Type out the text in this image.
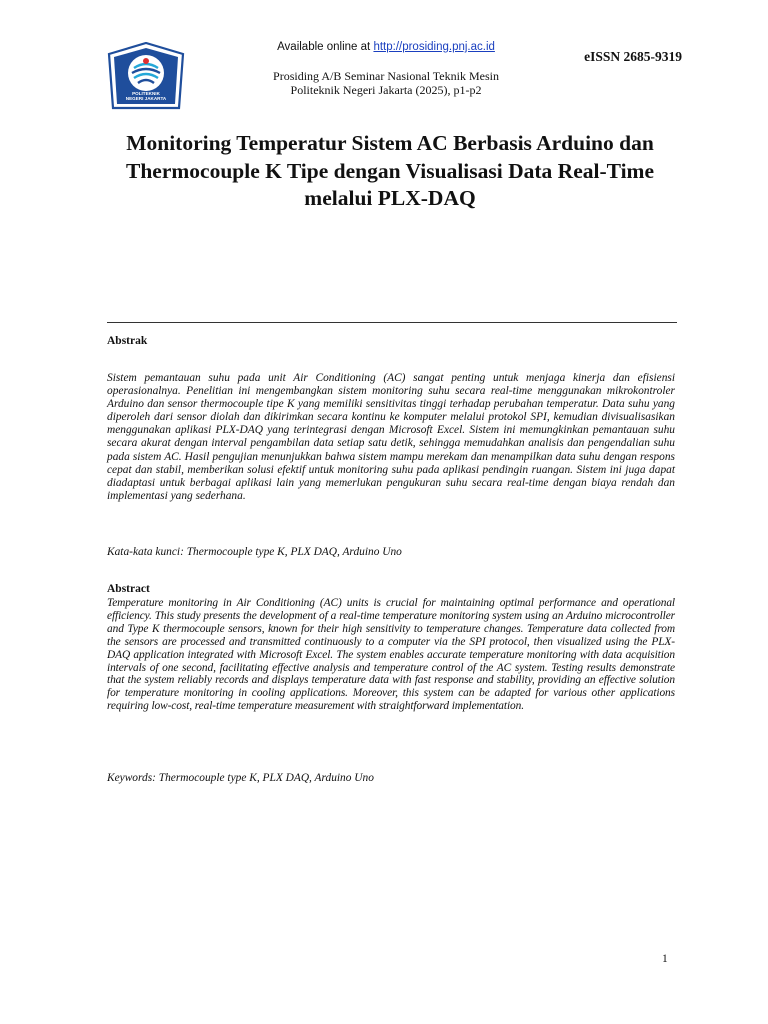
POLITEKNIK
NEGERI JAKARTA
Available online at http://prosiding.pnj.ac.id
eISSN 2685-9319
Prosiding A/B Seminar Nasional Teknik Mesin
Politeknik Negeri Jakarta (2025), p1-p2
Monitoring Temperatur Sistem AC Berbasis Arduino dan Thermocouple K Tipe dengan Visualisasi Data Real-Time melalui PLX-DAQ
Abstrak
Sistem pemantauan suhu pada unit Air Conditioning (AC) sangat penting untuk menjaga kinerja dan efisiensi operasionalnya. Penelitian ini mengembangkan sistem monitoring suhu secara real-time menggunakan mikrokontroler Arduino dan sensor thermocouple tipe K yang memiliki sensitivitas tinggi terhadap perubahan temperatur. Data suhu yang diperoleh dari sensor diolah dan dikirimkan secara kontinu ke komputer melalui protokol SPI, kemudian divisualisasikan menggunakan aplikasi PLX-DAQ yang terintegrasi dengan Microsoft Excel. Sistem ini memungkinkan pemantauan suhu secara akurat dengan interval pengambilan data setiap satu detik, sehingga memudahkan analisis dan pengendalian suhu pada sistem AC. Hasil pengujian menunjukkan bahwa sistem mampu merekam dan menampilkan data suhu dengan respons cepat dan stabil, memberikan solusi efektif untuk monitoring suhu pada aplikasi pendingin ruangan. Sistem ini juga dapat diadaptasi untuk berbagai aplikasi lain yang memerlukan pengukuran suhu secara real-time dengan biaya rendah dan implementasi yang sederhana.
Kata-kata kunci: Thermocouple type K, PLX DAQ, Arduino Uno
Abstract
Temperature monitoring in Air Conditioning (AC) units is crucial for maintaining optimal performance and operational efficiency. This study presents the development of a real-time temperature monitoring system using an Arduino microcontroller and Type K thermocouple sensors, known for their high sensitivity to temperature changes. Temperature data collected from the sensors are processed and transmitted continuously to a computer via the SPI protocol, then visualized using the PLX-DAQ application integrated with Microsoft Excel. The system enables accurate temperature monitoring with data acquisition intervals of one second, facilitating effective analysis and temperature control of the AC system. Testing results demonstrate that the system reliably records and displays temperature data with fast response and stability, providing an effective solution for temperature monitoring in cooling applications. Moreover, this system can be adapted for various other applications requiring low-cost, real-time temperature measurement with straightforward implementation.
Keywords: Thermocouple type K, PLX DAQ, Arduino Uno
1
